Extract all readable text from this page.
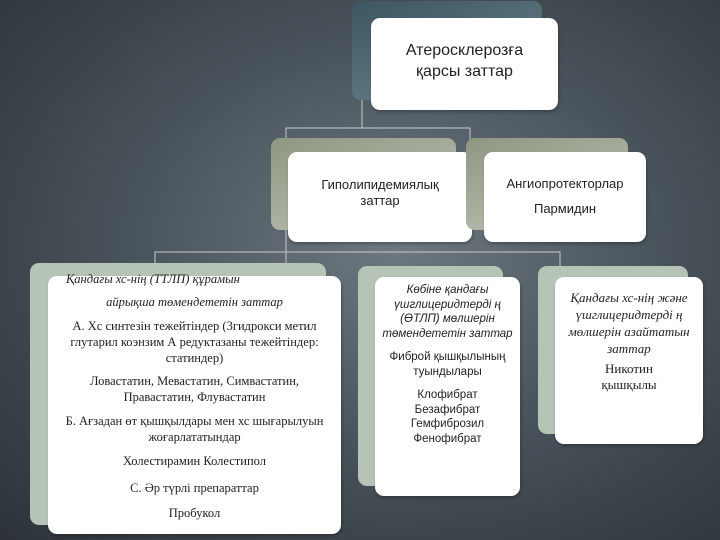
Атеросклерозға қарсы заттар
Гиполипидемиялық заттар
Ангиопротекторлар
Пармидин
Қандағы хс-нің (ТТЛП) құрамын
айрықша төмендететін заттар
А. Хс синтезін тежейтіндер (3гидрокси метил глутарил коэнзим А редуктазаны тежейтіндер: статиндер)
Ловастатин, Мевастатин, Симвастатин, Правастатин, Флувастатин
Б. Ағзадан өт қышқылдары мен хс шығарылуын жоғарлататындар
Холестирамин Колестипол
С. Әр түрлі препараттар
Пробукол
Көбіне қандағы үшглицеридтерді ң (ӨТЛП) мөлшерін төмендететін заттар
Фиброй қышқылының туындылары
Клофибрат
Безафибрат
Гемфиброзил
Фенофибрат
Қандағы хс-нің және үшглицеридтерді ң мөлшерін азайтатын заттар
Никотин қышқылы
